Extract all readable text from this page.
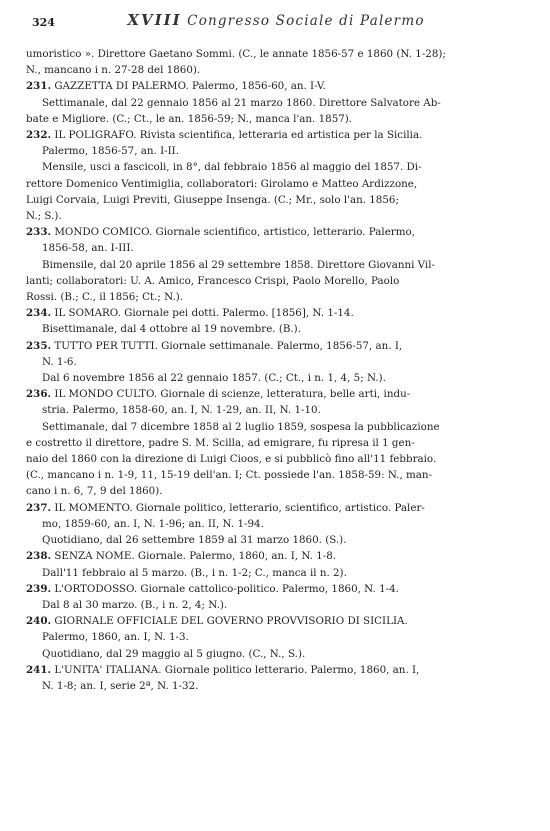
324	XVIII Congresso Sociale di Palermo
umoristico ». Direttore Gaetano Sommi. (C., le annate 1856-57 e 1860 (N. 1-28);
N., mancano i n. 27-28 del 1860).
231. GAZZETTA DI PALERMO. Palermo, 1856-60, an. I-V.
Settimanale, dal 22 gennaio 1856 al 21 marzo 1860. Direttore Salvatore Ab-
bate e Migliore. (C.; Ct., le an. 1856-59; N., manca l'an. 1857).
232. IL POLIGRAFO. Rivista scientifica, letteraria ed artistica per la Sicilia.
Palermo, 1856-57, an. I-II.
Mensile, usci a fascicoli, in 8°, dal febbraio 1856 al maggio del 1857. Di-
rettore Domenico Ventimiglia, collaboratori: Girolamo e Matteo Ardizzone,
Luigi Corvaia, Luigi Previti, Giuseppe Insenga. (C.; Mr., solo l'an. 1856;
N.; S.).
233. MONDO COMICO. Giornale scientifico, artistico, letterario. Palermo,
1856-58, an. I-III.
Bimensile, dal 20 aprile 1856 al 29 settembre 1858. Direttore Giovanni Vil-
lanti; collaboratori: U. A. Amico, Francesco Crispi, Paolo Morello, Paolo
Rossi. (B.; C., il 1856; Ct.; N.).
234. IL SOMARO. Giornale pei dotti. Palermo. [1856], N. 1-14.
Bisettimanale, dal 4 ottobre al 19 novembre. (B.).
235. TUTTO PER TUTTI. Giornale settimanale. Palermo, 1856-57, an. I,
N. 1-6.
Dal 6 novembre 1856 al 22 gennaio 1857. (C.; Ct., i n. 1, 4, 5; N.).
236. IL MONDO CULTO. Giornale di scienze, letteratura, belle arti, indu-
stria. Palermo, 1858-60, an. I, N. 1-29, an. II, N. 1-10.
Settimanale, dal 7 dicembre 1858 al 2 luglio 1859, sospesa la pubblicazione
e costretto il direttore, padre S. M. Scilla, ad emigrare, fu ripresa il 1 gen-
naio del 1860 con la direzione di Luigi Cioos, e si pubblicò fino all'11 febbraio.
(C., mancano i n. 1-9, 11, 15-19 dell'an. I; Ct. possiede l'an. 1858-59: N., man-
cano i n. 6, 7, 9 del 1860).
237. IL MOMENTO. Giornale politico, letterario, scientifico, artistico. Paler-
mo, 1859-60, an. I, N. 1-96; an. II, N. 1-94.
Quotidiano, dal 26 settembre 1859 al 31 marzo 1860. (S.).
238. SENZA NOME. Giornale. Palermo, 1860, an. I, N. 1-8.
Dall'11 febbraio al 5 marzo. (B., i n. 1-2; C., manca il n. 2).
239. L'ORTODOSSO. Giornale cattolico-politico. Palermo, 1860, N. 1-4.
Dal 8 al 30 marzo. (B., i n. 2, 4; N.).
240. GIORNALE OFFICIALE DEL GOVERNO PROVVISORIO DI SICILIA.
Palermo, 1860, an. I, N. 1-3.
Quotidiano, dal 29 maggio al 5 giugno. (C., N., S.).
241. L'UNITA' ITALIANA. Giornale politico letterario. Palermo, 1860, an. I,
N. 1-8; an. I, serie 2ª, N. 1-32.
